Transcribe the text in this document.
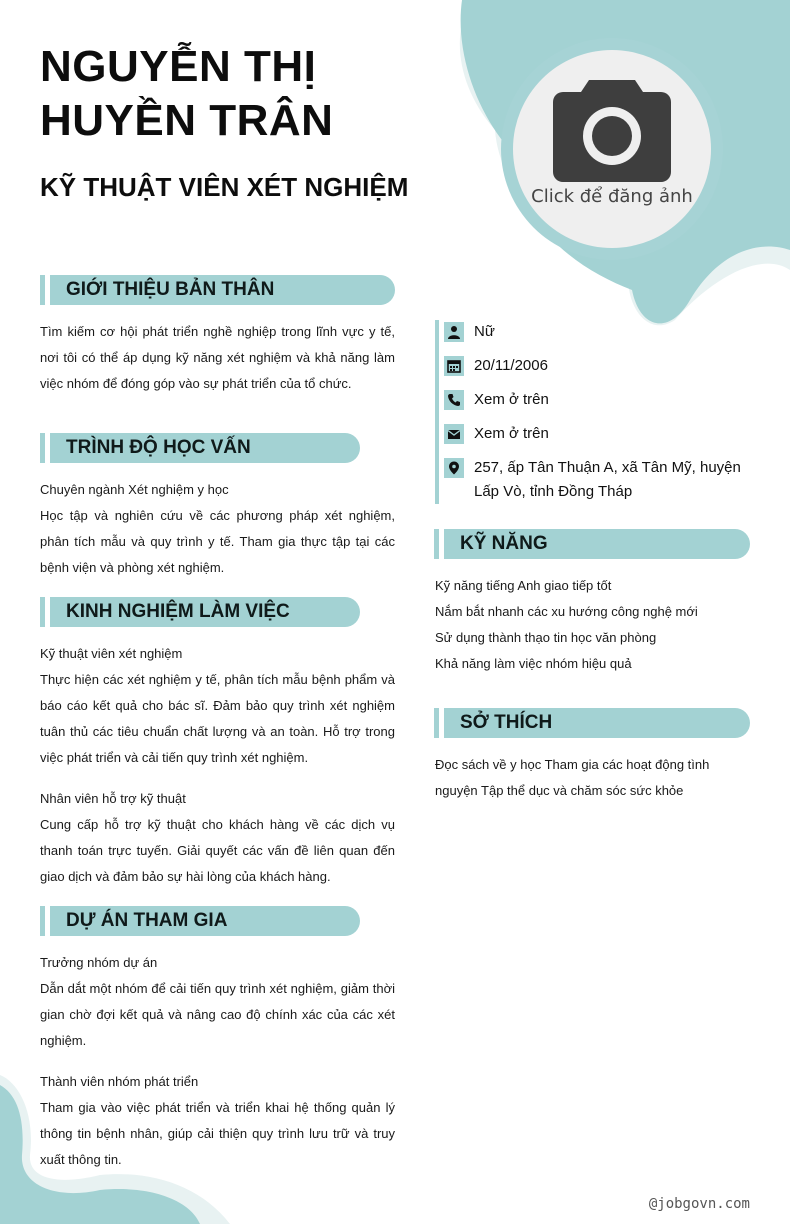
NGUYỄN THỊ
HUYỀN TRÂN
KỸ THUẬT VIÊN XÉT NGHIỆM	Click để đăng ảnh
GIỚI THIỆU BẢN THÂN
Tìm kiếm cơ hội phát triển nghề nghiệp trong lĩnh vực y tế, nơi tôi có thể áp dụng kỹ năng xét nghiệm và khả năng làm việc nhóm để đóng góp vào sự phát triển của tổ chức.
TRÌNH ĐỘ HỌC VẤN
Chuyên ngành Xét nghiệm y học
Học tập và nghiên cứu về các phương pháp xét nghiệm, phân tích mẫu và quy trình y tế. Tham gia thực tập tại các bệnh viện và phòng xét nghiệm.
KINH NGHIỆM LÀM VIỆC
Kỹ thuật viên xét nghiệm
Thực hiện các xét nghiệm y tế, phân tích mẫu bệnh phẩm và báo cáo kết quả cho bác sĩ. Đảm bảo quy trình xét nghiệm tuân thủ các tiêu chuẩn chất lượng và an toàn. Hỗ trợ trong việc phát triển và cải tiến quy trình xét nghiệm.
Nhân viên hỗ trợ kỹ thuật
Cung cấp hỗ trợ kỹ thuật cho khách hàng về các dịch vụ thanh toán trực tuyến. Giải quyết các vấn đề liên quan đến giao dịch và đảm bảo sự hài lòng của khách hàng.
DỰ ÁN THAM GIA
Trưởng nhóm dự án
Dẫn dắt một nhóm để cải tiến quy trình xét nghiệm, giảm thời gian chờ đợi kết quả và nâng cao độ chính xác của các xét nghiệm.
Thành viên nhóm phát triển
Tham gia vào việc phát triển và triển khai hệ thống quản lý thông tin bệnh nhân, giúp cải thiện quy trình lưu trữ và truy xuất thông tin.
Nữ
20/11/2006
Xem ở trên
Xem ở trên
257, ấp Tân Thuận A, xã Tân Mỹ, huyện Lấp Vò, tỉnh Đồng Tháp
KỸ NĂNG
Kỹ năng tiếng Anh giao tiếp tốt
Nắm bắt nhanh các xu hướng công nghệ mới
Sử dụng thành thạo tin học văn phòng
Khả năng làm việc nhóm hiệu quả
SỞ THÍCH
Đọc sách về y học Tham gia các hoạt động tình nguyện Tập thể dục và chăm sóc sức khỏe
@jobgovn.com
